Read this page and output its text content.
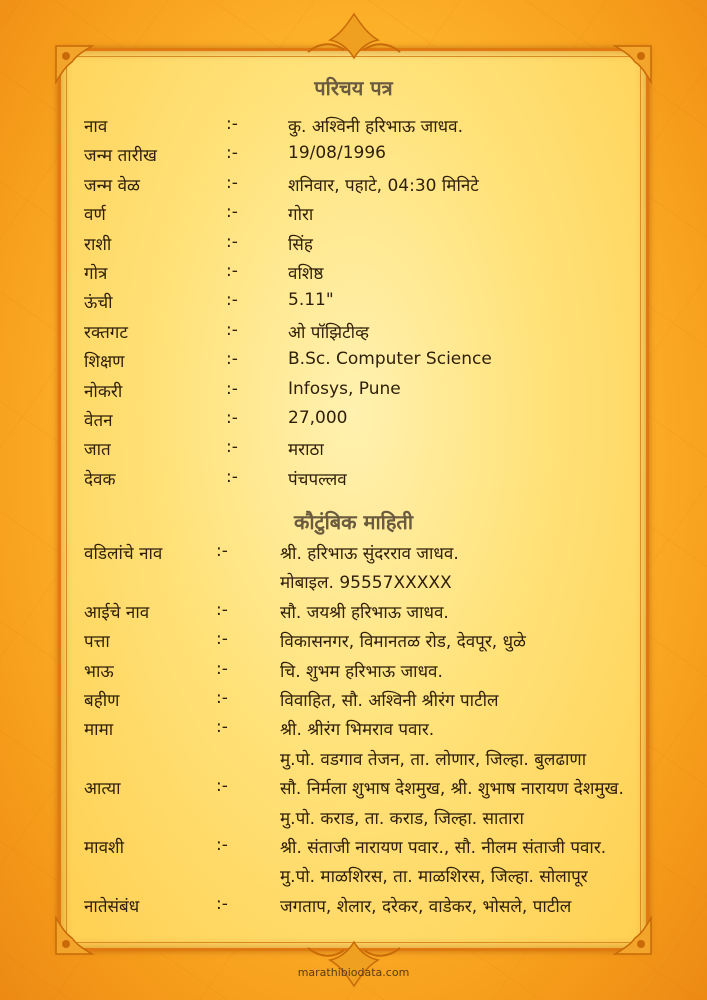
परिचय पत्र
नाव	:-	कु. अश्विनी हरिभाऊ जाधव.
जन्म तारीख	:-	19/08/1996
जन्म वेळ	:-	शनिवार, पहाटे, 04:30 मिनिटे
वर्ण	:-	गोरा
राशी	:-	सिंह
गोत्र	:-	वशिष्ठ
ऊंची	:-	5.11"
रक्तगट	:-	ओ पॉझिटीव्ह
शिक्षण	:-	B.Sc. Computer Science
नोकरी	:-	Infosys, Pune
वेतन	:-	27,000
जात	:-	मराठा
देवक	:-	पंचपल्लव
कौटुंबिक माहिती
वडिलांचे नाव	:-	श्री. हरिभाऊ सुंदरराव जाधव.
मोबाइल. 95557XXXXX
आईचे नाव	:-	सौ. जयश्री हरिभाऊ जाधव.
पत्ता	:-	विकासनगर, विमानतळ रोड, देवपूर, धुळे
भाऊ	:-	चि. शुभम हरिभाऊ जाधव.
बहीण	:-	विवाहित, सौ. अश्विनी श्रीरंग पाटील
मामा	:-	श्री. श्रीरंग भिमराव पवार.
मु.पो. वडगाव तेजन, ता. लोणार, जिल्हा. बुलढाणा
आत्या	:-	सौ. निर्मला शुभाष देशमुख, श्री. शुभाष नारायण देशमुख.
मु.पो. कराड, ता. कराड, जिल्हा. सातारा
मावशी	:-	श्री. संताजी नारायण पवार., सौ. नीलम संताजी पवार.
मु.पो. माळशिरस, ता. माळशिरस, जिल्हा. सोलापूर
नातेसंबंध	:-	जगताप, शेलार, दरेकर, वाडेकर, भोसले, पाटील
marathibiodata.com
